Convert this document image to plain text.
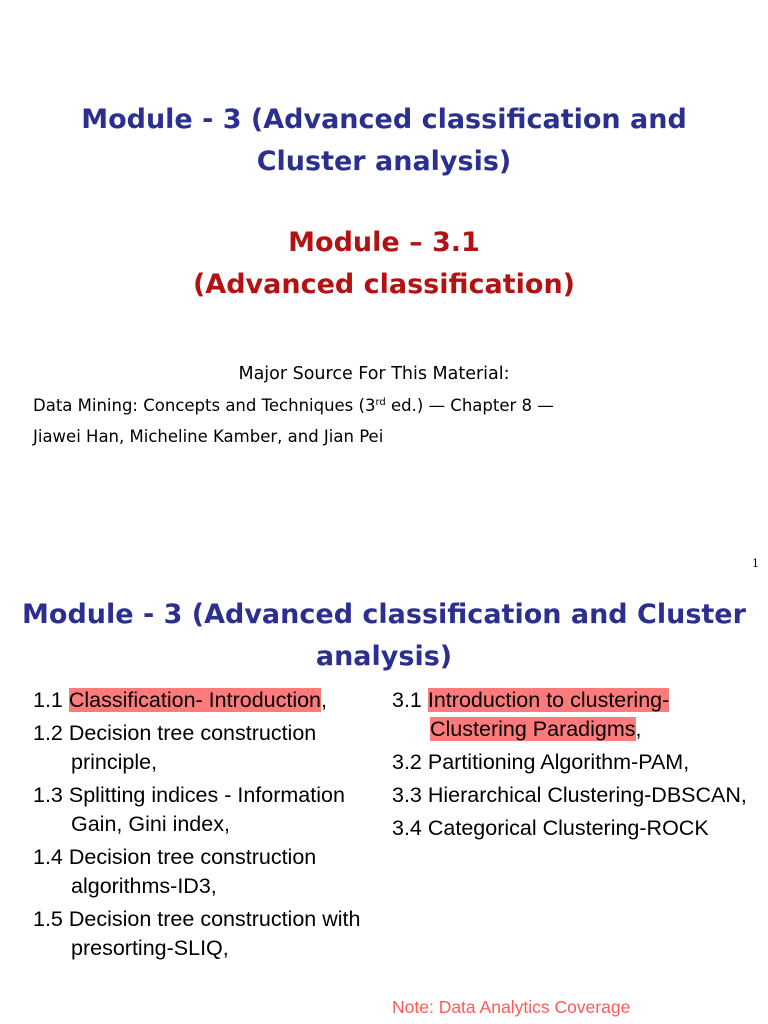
Module - 3 (Advanced classification and
Cluster analysis)
Module – 3.1
(Advanced classification)
Major Source For This Material:
Data Mining: Concepts and Techniques (3rd ed.) — Chapter 8 —
Jiawei Han, Micheline Kamber, and Jian Pei
1
Module - 3 (Advanced classification and Cluster
analysis)
1.1 Classification- Introduction,
1.2 Decision tree construction principle,
1.3 Splitting indices - Information Gain, Gini index,
1.4 Decision tree construction algorithms-ID3,
1.5 Decision tree construction with presorting-SLIQ,
3.1 Introduction to clustering-Clustering Paradigms,
3.2 Partitioning Algorithm-PAM,
3.3 Hierarchical Clustering-DBSCAN,
3.4 Categorical Clustering-ROCK
Note: Data Analytics Coverage
